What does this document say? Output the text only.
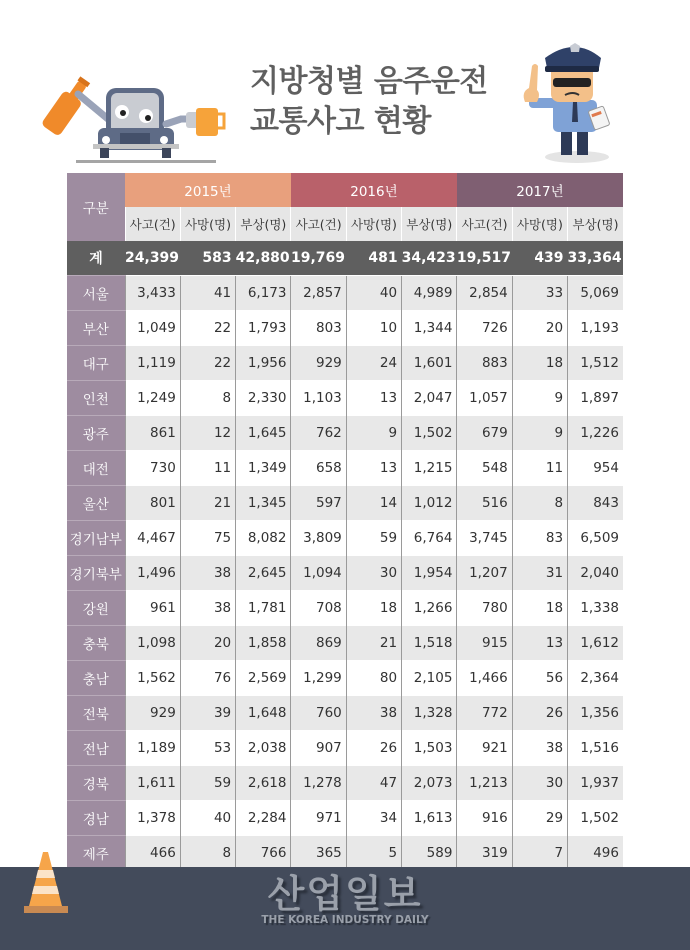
지방청별 음주운전
교통사고 현황
구분	2015년			2016년			2017년		
	사고(건)	사망(명)	부상(명)	사고(건)	사망(명)	부상(명)	사고(건)	사망(명)	부상(명)
계	24,399	583	42,880	19,769	481	34,423	19,517	439	33,364
서울	3,433	41	6,173	2,857	40	4,989	2,854	33	5,069
부산	1,049	22	1,793	803	10	1,344	726	20	1,193
대구	1,119	22	1,956	929	24	1,601	883	18	1,512
인천	1,249	8	2,330	1,103	13	2,047	1,057	9	1,897
광주	861	12	1,645	762	9	1,502	679	9	1,226
대전	730	11	1,349	658	13	1,215	548	11	954
울산	801	21	1,345	597	14	1,012	516	8	843
경기남부	4,467	75	8,082	3,809	59	6,764	3,745	83	6,509
경기북부	1,496	38	2,645	1,094	30	1,954	1,207	31	2,040
강원	961	38	1,781	708	18	1,266	780	18	1,338
충북	1,098	20	1,858	869	21	1,518	915	13	1,612
충남	1,562	76	2,569	1,299	80	2,105	1,466	56	2,364
전북	929	39	1,648	760	38	1,328	772	26	1,356
전남	1,189	53	2,038	907	26	1,503	921	38	1,516
경북	1,611	59	2,618	1,278	47	2,073	1,213	30	1,937
경남	1,378	40	2,284	971	34	1,613	916	29	1,502
제주	466	8	766	365	5	589	319	7	496
산업일보
THE KOREA INDUSTRY DAILY
